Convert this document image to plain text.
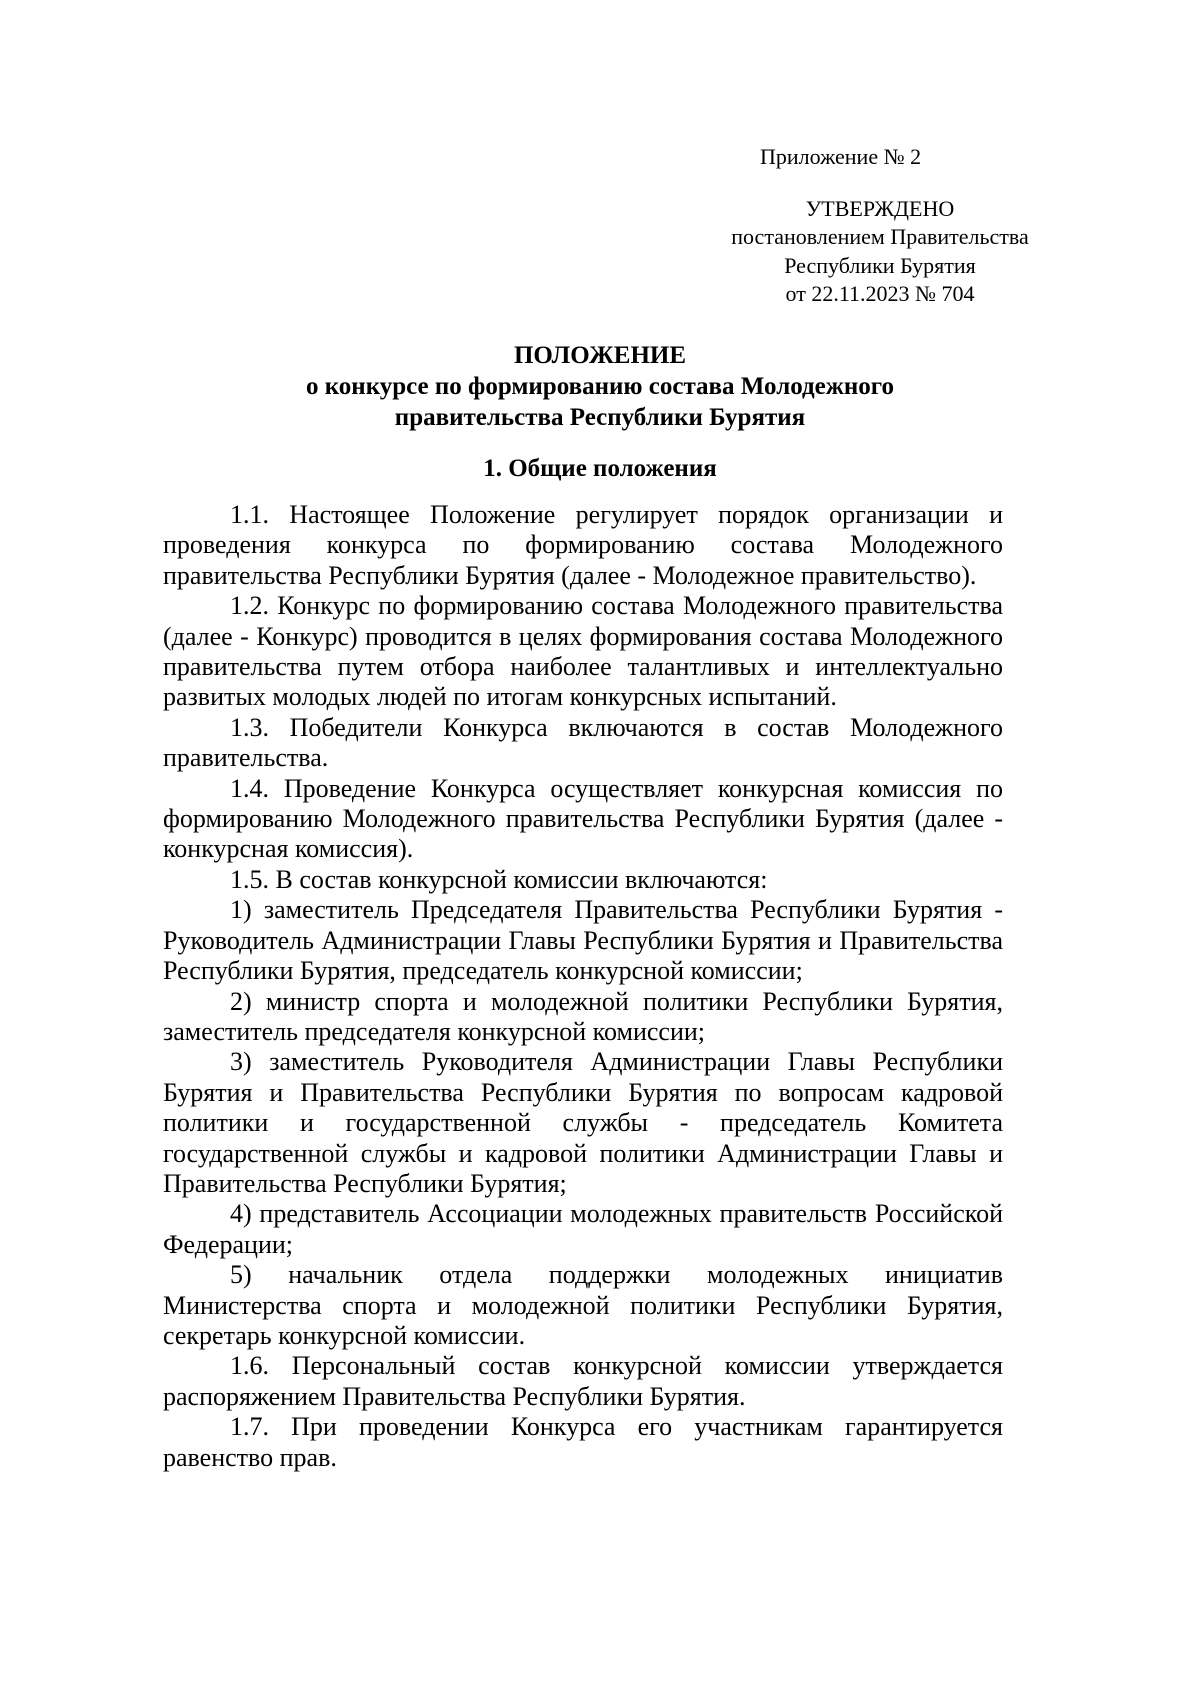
Приложение № 2
УТВЕРЖДЕНО
постановлением Правительства
Республики Бурятия
от 22.11.2023 № 704
ПОЛОЖЕНИЕ
о конкурсе по формированию состава Молодежного
правительства Республики Бурятия
1. Общие положения

1.1. Настоящее Положение регулирует порядок организации и проведения конкурса по формированию состава Молодежного правительства Республики Бурятия (далее - Молодежное правительство).

1.2. Конкурс по формированию состава Молодежного правительства (далее - Конкурс) проводится в целях формирования состава Молодежного правительства путем отбора наиболее талантливых и интеллектуально развитых молодых людей по итогам конкурсных испытаний.

1.3. Победители Конкурса включаются в состав Молодежного правительства.

1.4. Проведение Конкурса осуществляет конкурсная комиссия по формированию Молодежного правительства Республики Бурятия (далее - конкурсная комиссия).

1.5. В состав конкурсной комиссии включаются:

1) заместитель Председателя Правительства Республики Бурятия - Руководитель Администрации Главы Республики Бурятия и Правительства Республики Бурятия, председатель конкурсной комиссии;

2) министр спорта и молодежной политики Республики Бурятия, заместитель председателя конкурсной комиссии;

3) заместитель Руководителя Администрации Главы Республики Бурятия и Правительства Республики Бурятия по вопросам кадровой политики и государственной службы - председатель Комитета государственной службы и кадровой политики Администрации Главы и Правительства Республики Бурятия;

4) представитель Ассоциации молодежных правительств Российской Федерации;

5) начальник отдела поддержки молодежных инициатив Министерства спорта и молодежной политики Республики Бурятия, секретарь конкурсной комиссии.

1.6. Персональный состав конкурсной комиссии утверждается распоряжением Правительства Республики Бурятия.

1.7. При проведении Конкурса его участникам гарантируется равенство прав.
